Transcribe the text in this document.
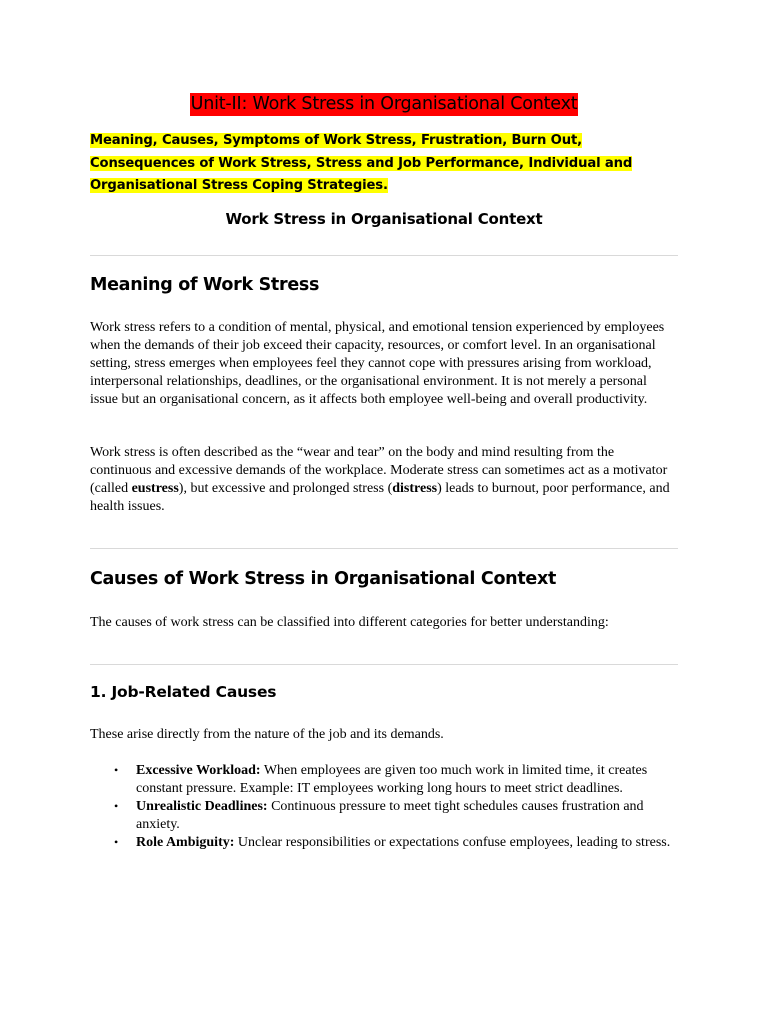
Unit-II: Work Stress in Organisational Context
Meaning, Causes, Symptoms of Work Stress, Frustration, Burn Out, Consequences of Work Stress, Stress and Job Performance, Individual and Organisational Stress Coping Strategies.
Work Stress in Organisational Context
Meaning of Work Stress
Work stress refers to a condition of mental, physical, and emotional tension experienced by employees when the demands of their job exceed their capacity, resources, or comfort level. In an organisational setting, stress emerges when employees feel they cannot cope with pressures arising from workload, interpersonal relationships, deadlines, or the organisational environment. It is not merely a personal issue but an organisational concern, as it affects both employee well-being and overall productivity.
Work stress is often described as the “wear and tear” on the body and mind resulting from the continuous and excessive demands of the workplace. Moderate stress can sometimes act as a motivator (called eustress), but excessive and prolonged stress (distress) leads to burnout, poor performance, and health issues.
Causes of Work Stress in Organisational Context
The causes of work stress can be classified into different categories for better understanding:
1. Job-Related Causes
These arise directly from the nature of the job and its demands.
• Excessive Workload: When employees are given too much work in limited time, it creates constant pressure. Example: IT employees working long hours to meet strict deadlines.
• Unrealistic Deadlines: Continuous pressure to meet tight schedules causes frustration and anxiety.
• Role Ambiguity: Unclear responsibilities or expectations confuse employees, leading to stress.
